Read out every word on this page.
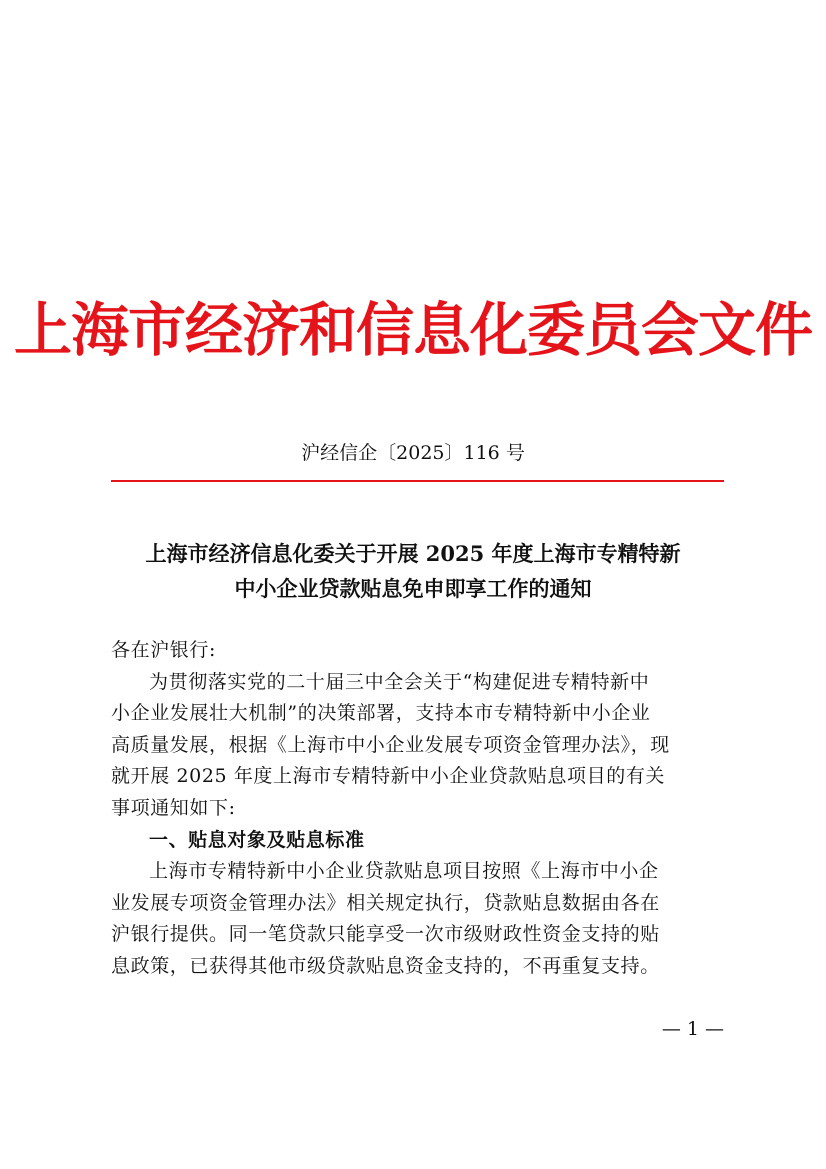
上海市经济和信息化委员会文件
沪经信企〔2025〕116 号
上海市经济信息化委关于开展 2025 年度上海市专精特新
中小企业贷款贴息免申即享工作的通知
各在沪银行:
为贯彻落实党的二十届三中全会关于“构建促进专精特新中
小企业发展壮大机制”的决策部署，支持本市专精特新中小企业
高质量发展，根据《上海市中小企业发展专项资金管理办法》，现
就开展 2025 年度上海市专精特新中小企业贷款贴息项目的有关
事项通知如下:
一、贴息对象及贴息标准
上海市专精特新中小企业贷款贴息项目按照《上海市中小企
业发展专项资金管理办法》相关规定执行，贷款贴息数据由各在
沪银行提供。同一笔贷款只能享受一次市级财政性资金支持的贴
息政策，已获得其他市级贷款贴息资金支持的，不再重复支持。
— 1 —
